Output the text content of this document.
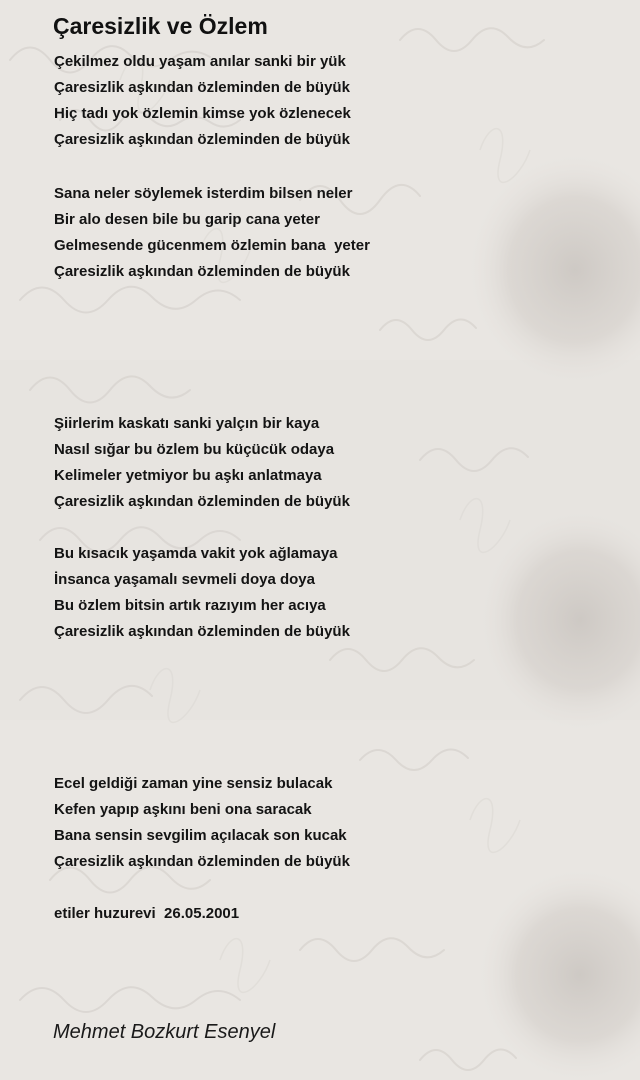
Çaresizlik ve Özlem
Çekilmez oldu yaşam anılar sanki bir yük
Çaresizlik aşkından özleminden de büyük
Hiç tadı yok özlemin kimse yok özlenecek
Çaresizlik aşkından özleminden de büyük
Sana neler söylemek isterdim bilsen neler
Bir alo desen bile bu garip cana yeter
Gelmesende gücenmem özlemin bana  yeter
Çaresizlik aşkından özleminden de büyük
Şiirlerim kaskatı sanki yalçın bir kaya
Nasıl sığar bu özlem bu küçücük odaya
Kelimeler yetmiyor bu aşkı anlatmaya
Çaresizlik aşkından özleminden de büyük
Bu kısacık yaşamda vakit yok ağlamaya
İnsanca yaşamalı sevmeli doya doya
Bu özlem bitsin artık razıyım her acıya
Çaresizlik aşkından özleminden de büyük
Ecel geldiği zaman yine sensiz bulacak
Kefen yapıp aşkını beni ona saracak
Bana sensin sevgilim açılacak son kucak
Çaresizlik aşkından özleminden de büyük
etiler huzurevi  26.05.2001
Mehmet Bozkurt Esenyel
